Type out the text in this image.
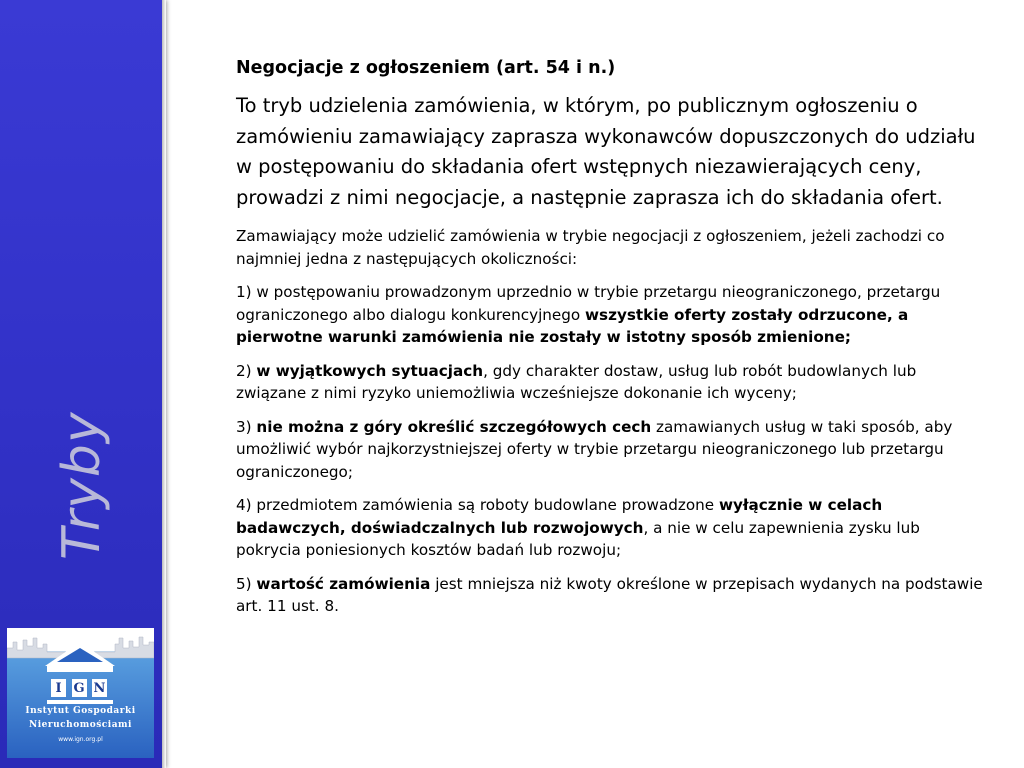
Tryby
I G N
Instytut Gospodarki
Nieruchomościami
www.ign.org.pl
Negocjacje z ogłoszeniem (art. 54 i n.)
To tryb udzielenia zamówienia, w którym, po publicznym ogłoszeniu o zamówieniu zamawiający zaprasza wykonawców dopuszczonych do udziału w postępowaniu do składania ofert wstępnych niezawierających ceny, prowadzi z nimi negocjacje, a następnie zaprasza ich do składania ofert.
Zamawiający może udzielić zamówienia w trybie negocjacji z ogłoszeniem, jeżeli zachodzi co najmniej jedna z następujących okoliczności:
1) w postępowaniu prowadzonym uprzednio w trybie przetargu nieograniczonego, przetargu ograniczonego albo dialogu konkurencyjnego wszystkie oferty zostały odrzucone, a pierwotne warunki zamówienia nie zostały w istotny sposób zmienione;
2) w wyjątkowych sytuacjach, gdy charakter dostaw, usług lub robót budowlanych lub związane z nimi ryzyko uniemożliwia wcześniejsze dokonanie ich wyceny;
3) nie można z góry określić szczegółowych cech zamawianych usług w taki sposób, aby umożliwić wybór najkorzystniejszej oferty w trybie przetargu nieograniczonego lub przetargu ograniczonego;
4) przedmiotem zamówienia są roboty budowlane prowadzone wyłącznie w celach badawczych, doświadczalnych lub rozwojowych, a nie w celu zapewnienia zysku lub pokrycia poniesionych kosztów badań lub rozwoju;
5) wartość zamówienia jest mniejsza niż kwoty określone w przepisach wydanych na podstawie art. 11 ust. 8.
